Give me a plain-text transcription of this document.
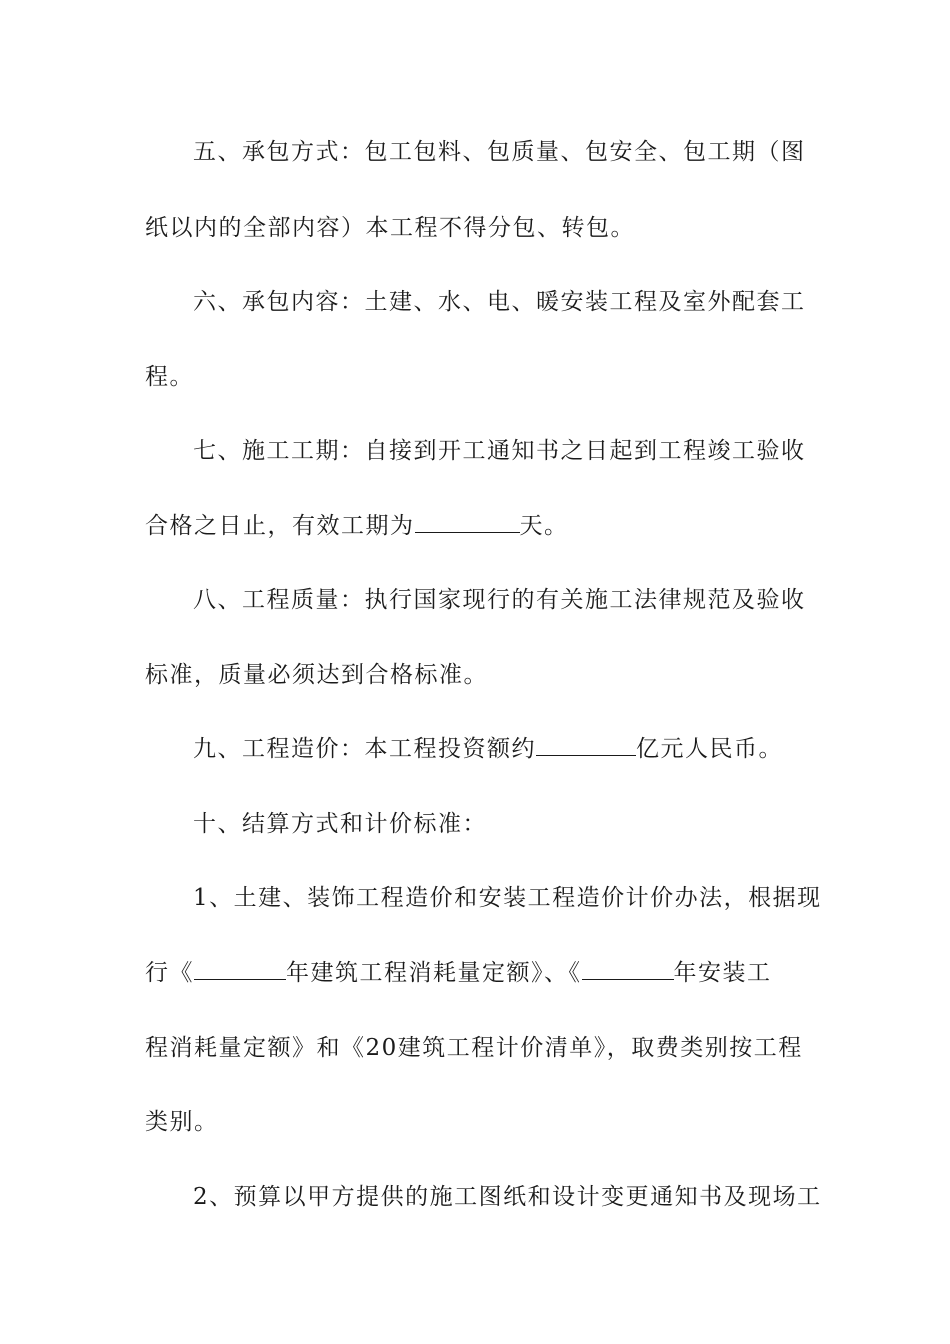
五、承包方式：包工包料、包质量、包安全、包工期（图
纸以内的全部内容）本工程不得分包、转包。
六、承包内容：土建、水、电、暖安装工程及室外配套工
程。
七、施工工期：自接到开工通知书之日起到工程竣工验收
合格之日止，有效工期为	天。
八、工程质量：执行国家现行的有关施工法律规范及验收
标准，质量必须达到合格标准。
九、工程造价：本工程投资额约	亿元人民币。
十、结算方式和计价标准：
1、土建、装饰工程造价和安装工程造价计价办法，根据现
行《	年建筑工程消耗量定额》、《	年安装工
程消耗量定额》和《20建筑工程计价清单》，取费类别按工程
类别。
2、预算以甲方提供的施工图纸和设计变更通知书及现场工
